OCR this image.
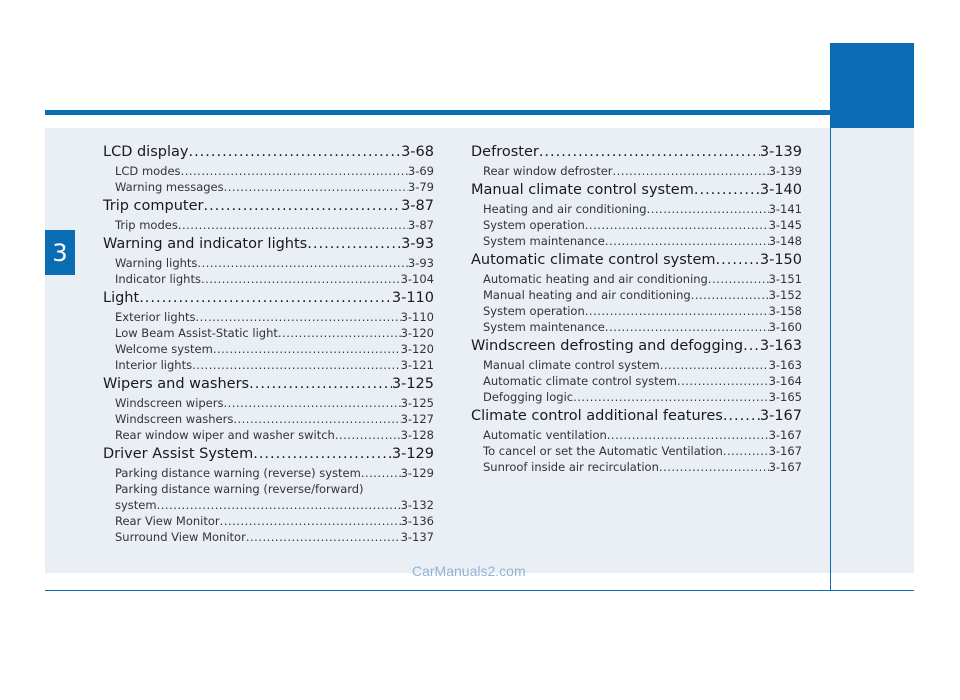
3
LCD display .....	3-68
LCD modes .....	3-69
Warning messages .....	3-79
Trip computer .....	3-87
Trip modes .....	3-87
Warning and indicator lights .....	3-93
Warning lights .....	3-93
Indicator lights .....	3-104
Light .....	3-110
Exterior lights .....	3-110
Low Beam Assist-Static light .....	3-120
Welcome system .....	3-120
Interior lights .....	3-121
Wipers and washers .....	3-125
Windscreen wipers .....	3-125
Windscreen washers .....	3-127
Rear window wiper and washer switch .....	3-128
Driver Assist System .....	3-129
Parking distance warning (reverse) system .....	3-129
Parking distance warning (reverse/forward)
system .....	3-132
Rear View Monitor .....	3-136
Surround View Monitor .....	3-137
Defroster .....	3-139
Rear window defroster .....	3-139
Manual climate control system .....	3-140
Heating and air conditioning .....	3-141
System operation .....	3-145
System maintenance .....	3-148
Automatic climate control system .....	3-150
Automatic heating and air conditioning .....	3-151
Manual heating and air conditioning .....	3-152
System operation .....	3-158
System maintenance .....	3-160
Windscreen defrosting and defogging ..... 3-163
Manual climate control system .....	3-163
Automatic climate control system .....	3-164
Defogging logic .....	3-165
Climate control additional features .....	3-167
Automatic ventilation .....	3-167
To cancel or set the Automatic Ventilation .....	3-167
Sunroof inside air recirculation .....	3-167
CarManuals2.com
